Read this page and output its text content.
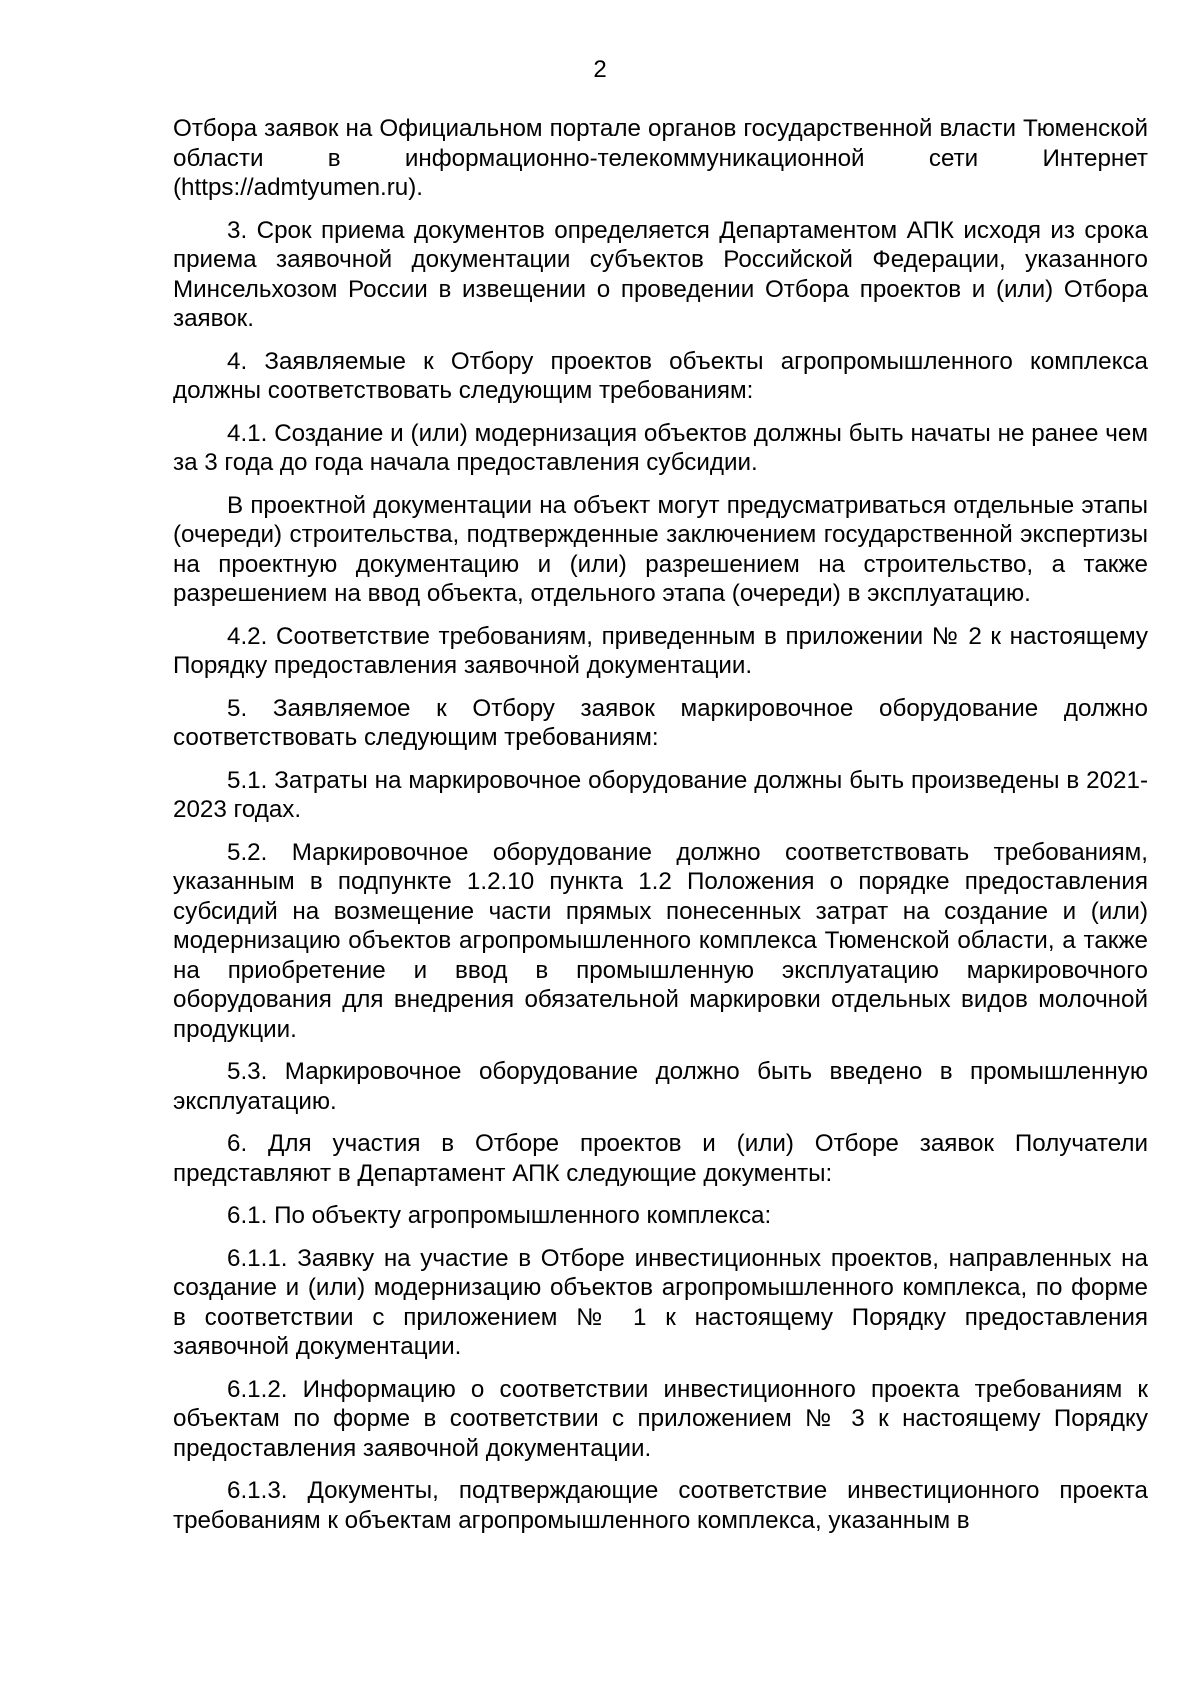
2

Отбора заявок на Официальном портале органов государственной власти Тюменской области в информационно-телекоммуникационной сети Интернет (https://admtyumen.ru).

3. Срок приема документов определяется Департаментом АПК исходя из срока приема заявочной документации субъектов Российской Федерации, указанного Минсельхозом России в извещении о проведении Отбора проектов и (или) Отбора заявок.

4. Заявляемые к Отбору проектов объекты агропромышленного комплекса должны соответствовать следующим требованиям:

4.1. Создание и (или) модернизация объектов должны быть начаты не ранее чем за 3 года до года начала предоставления субсидии.

В проектной документации на объект могут предусматриваться отдельные этапы (очереди) строительства, подтвержденные заключением государственной экспертизы на проектную документацию и (или) разрешением на строительство, а также разрешением на ввод объекта, отдельного этапа (очереди) в эксплуатацию.

4.2. Соответствие требованиям, приведенным в приложении № 2 к настоящему Порядку предоставления заявочной документации.

5. Заявляемое к Отбору заявок маркировочное оборудование должно соответствовать следующим требованиям:

5.1. Затраты на маркировочное оборудование должны быть произведены в 2021-2023 годах.

5.2. Маркировочное оборудование должно соответствовать требованиям, указанным в подпункте 1.2.10 пункта 1.2 Положения о порядке предоставления субсидий на возмещение части прямых понесенных затрат на создание и (или) модернизацию объектов агропромышленного комплекса Тюменской области, а также на приобретение и ввод в промышленную эксплуатацию маркировочного оборудования для внедрения обязательной маркировки отдельных видов молочной продукции.

5.3. Маркировочное оборудование должно быть введено в промышленную эксплуатацию.

6. Для участия в Отборе проектов и (или) Отборе заявок Получатели представляют в Департамент АПК следующие документы:

6.1. По объекту агропромышленного комплекса:

6.1.1. Заявку на участие в Отборе инвестиционных проектов, направленных на создание и (или) модернизацию объектов агропромышленного комплекса, по форме в соответствии с приложением № 1 к настоящему Порядку предоставления заявочной документации.

6.1.2. Информацию о соответствии инвестиционного проекта требованиям к объектам по форме в соответствии с приложением № 3 к настоящему Порядку предоставления заявочной документации.

6.1.3. Документы, подтверждающие соответствие инвестиционного проекта требованиям к объектам агропромышленного комплекса, указанным в
